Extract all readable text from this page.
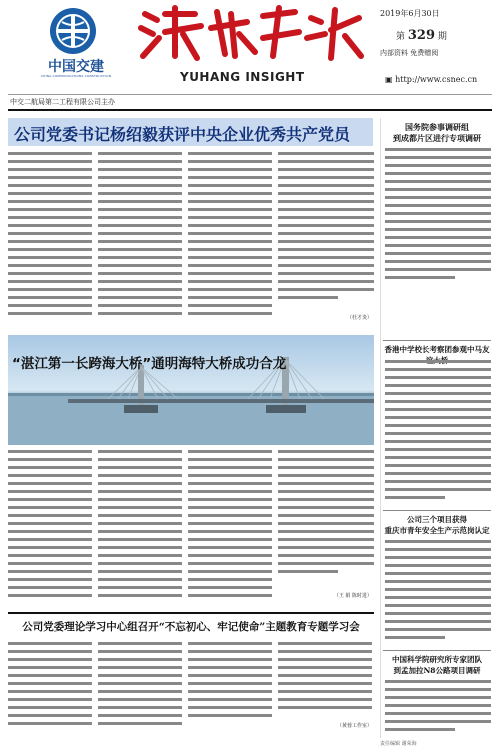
中国交建
CHINA COMMUNICATIONS CONSTRUCTION	YUHANG INSIGHT
2019年6月30日
第 329 期
内部资料 免费赠阅
▣ http://www.csnec.cn
中交二航局第二工程有限公司主办
公司党委书记杨绍毅获评中央企业优秀共产党员
（杜才炎）
“湛江第一长跨海大桥”通明海特大桥成功合龙
（王 娟 陈时进）
公司党委理论学习中心组召开“不忘初心、牢记使命”主题教育专题学习会
（黄蓉工作室）
国务院参事调研组
到成都片区进行专项调研
香港中学校长考察团参观中马友
公司三个项目获得
重庆市青年安全生产示范岗认定
中国科学院研究所专家团队
到孟加拉N8公路项目调研
责任编辑 谢荣海
